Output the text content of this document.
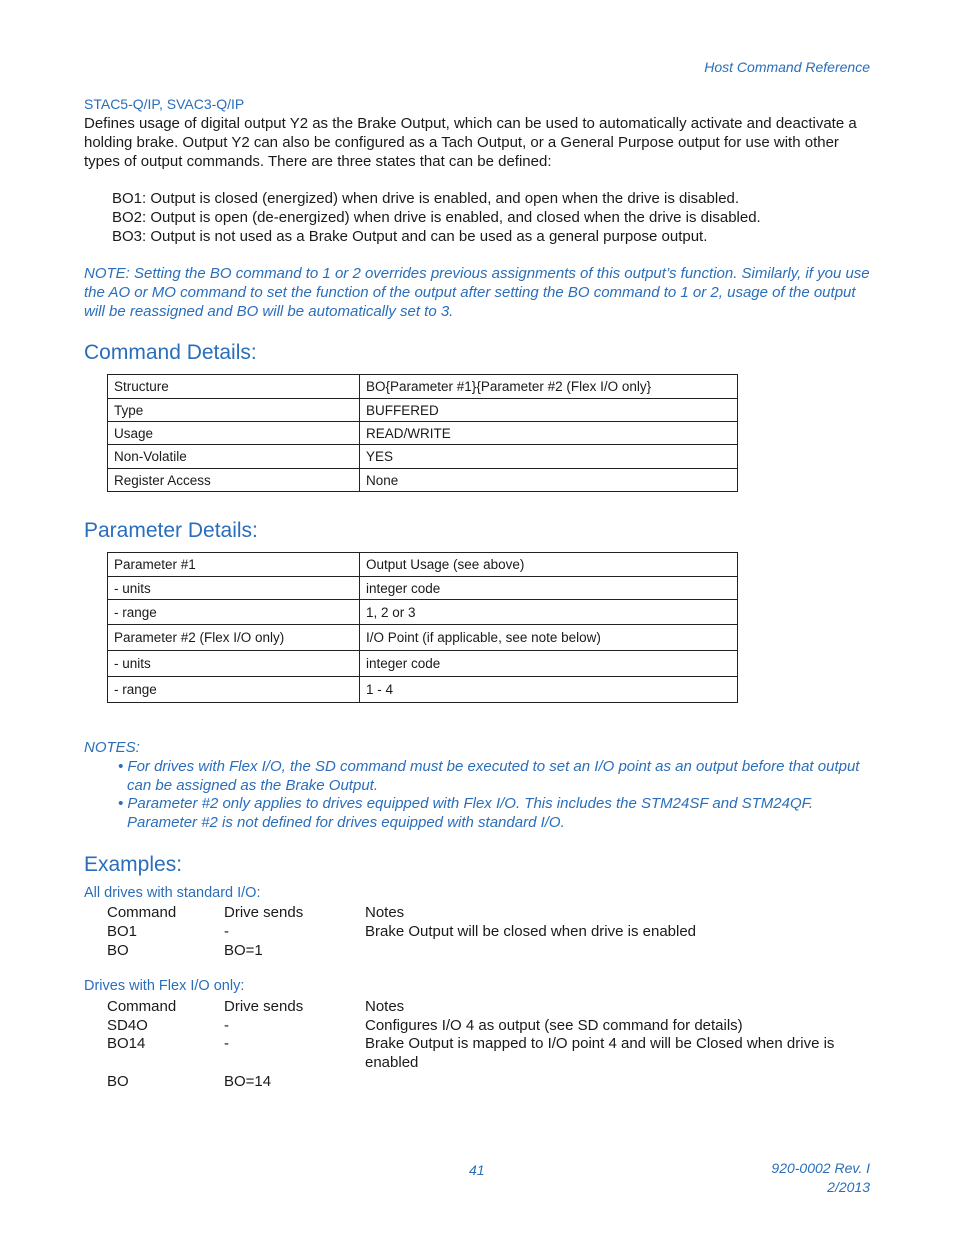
Host Command Reference
STAC5-Q/IP, SVAC3-Q/IP
Defines usage of digital output Y2 as the Brake Output, which can be used to automatically activate and deactivate a holding brake. Output Y2 can also be configured as a Tach Output, or a General Purpose output for use with other types of output commands. There are three states that can be defined:
BO1: Output is closed (energized) when drive is enabled, and open when the drive is disabled.
BO2: Output is open (de-energized) when drive is enabled, and closed when the drive is disabled.
BO3: Output is not used as a Brake Output and can be used as a general purpose output.
NOTE: Setting the BO command to 1 or 2 overrides previous assignments of this output’s function. Similarly, if you use the AO or MO command to set the function of the output after setting the BO command to 1 or 2, usage of the output will be reassigned and BO will be automatically set to 3.
Command Details:
Structure	BO{Parameter #1}{Parameter #2 (Flex I/O only}
Type	BUFFERED
Usage	READ/WRITE
Non-Volatile	YES
Register Access	None
Parameter Details:
Parameter #1	Output Usage (see above)
- units	integer code
- range	1, 2 or 3
Parameter #2 (Flex I/O only)	I/O Point (if applicable, see note below)
- units	integer code
- range	1 - 4
NOTES:
• For drives with Flex I/O, the SD command must be executed to set an I/O point as an output before that output can be assigned as the Brake Output.
• Parameter #2 only applies to drives equipped with Flex I/O. This includes the STM24SF and STM24QF. Parameter #2 is not defined for drives equipped with standard I/O.
Examples:
All drives with standard I/O:
Command	Drive sends	Notes
BO1	-	Brake Output will be closed when drive is enabled
BO	BO=1
Drives with Flex I/O only:
Command	Drive sends	Notes
SD4O	-	Configures I/O 4 as output (see SD command for details)
BO14	-	Brake Output is mapped to I/O point 4 and will be Closed when drive is enabled
BO	BO=14
41	920-0002 Rev. I
2/2013
